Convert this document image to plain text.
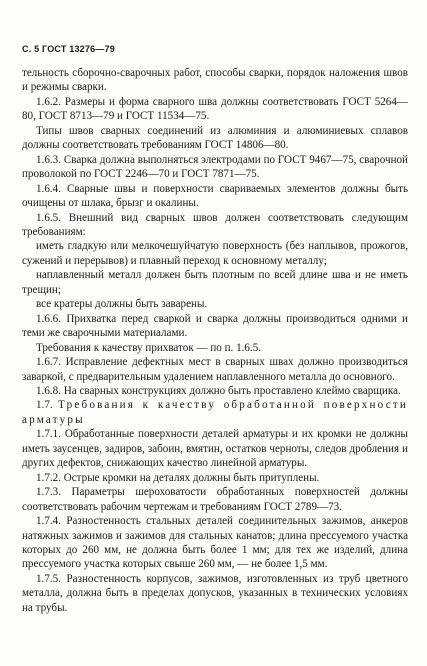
С. 5 ГОСТ 13276—79

тельность сборочно-сварочных работ, способы сварки, порядок наложения швов и режимы сварки.

1.6.2. Размеры и форма сварного шва должны соответствовать ГОСТ 5264—80, ГОСТ 8713—79 и ГОСТ 11534—75.

Типы швов сварных соединений из алюминия и алюминиевых сплавов должны соответствовать требованиям ГОСТ 14806—80.

1.6.3. Сварка должна выполняться электродами по ГОСТ 9467—75, сварочной проволокой по ГОСТ 2246—70 и ГОСТ 7871—75.

1.6.4. Сварные швы и поверхности свариваемых элементов должны быть очищены от шлака, брызг и окалины.

1.6.5. Внешний вид сварных швов должен соответствовать следующим требованиям:

иметь гладкую или мелкочешуйчатую поверхность (без наплывов, прожогов, сужений и перерывов) и плавный переход к основному металлу;

наплавленный металл должен быть плотным по всей длине шва и не иметь трещин;

все кратеры должны быть заварены.

1.6.6. Прихватка перед сваркой и сварка должны производиться одними и теми же сварочными материалами.

Требования к качеству прихваток — по п. 1.6.5.

1.6.7. Исправление дефектных мест в сварных швах должно производиться заваркой, с предварительным удалением наплавленного металла до основного.

1.6.8. На сварных конструкциях должно быть проставлено клеймо сварщика.

1.7. Требования к качеству обработанной поверхности арматуры

1.7.1. Обработанные поверхности деталей арматуры и их кромки не должны иметь заусенцев, задиров, забоин, вмятин, остатков черноты, следов дробления и других дефектов, снижающих качество линейной арматуры.

1.7.2. Острые кромки на деталях должны быть притуплены.

1.7.3. Параметры шероховатости обработанных поверхностей должны соответствовать рабочим чертежам и требованиям ГОСТ 2789—73.

1.7.4. Разностенность стальных деталей соединительных зажимов, анкеров натяжных зажимов и зажимов для стальных канатов; длина прессуемого участка которых до 260 мм, не должна быть более 1 мм; для тех же изделий, длина прессуемого участка которых свыше 260 мм, — не более 1,5 мм.

1.7.5. Разностенность корпусов, зажимов, изготовленных из труб цветного металла, должна быть в пределах допусков, указанных в технических условиях на трубы.
